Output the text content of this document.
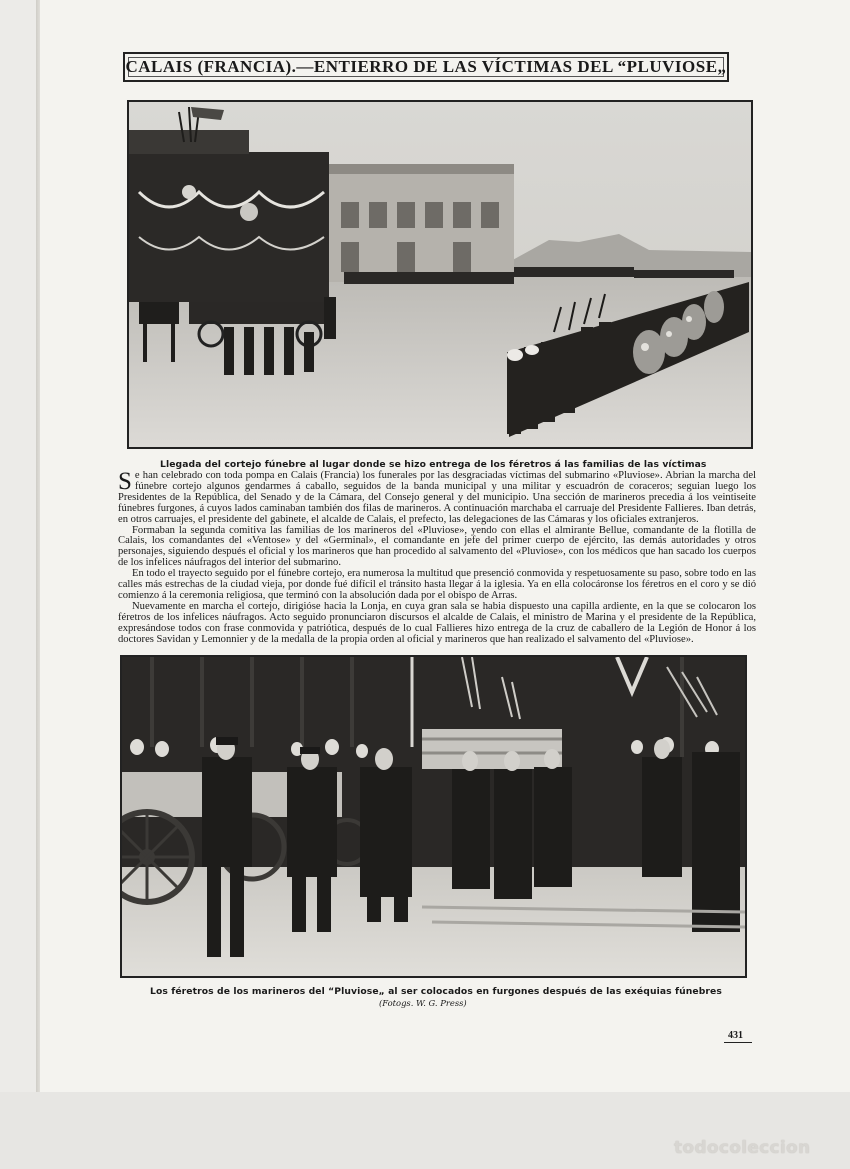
CALAIS (FRANCIA).—ENTIERRO DE LAS VÍCTIMAS DEL “PLUVIOSE„
Llegada del cortejo fúnebre al lugar donde se hizo entrega de los féretros á las familias de las víctimas

Se han celebrado con toda pompa en Calais (Francia) los funerales por las desgraciadas víctimas del submarino «Pluviose». Abrian la marcha del fúnebre cortejo algunos gendarmes á caballo, seguidos de la banda municipal y una militar y escuadrón de coraceros; seguian luego los Presidentes de la República, del Senado y de la Cámara, del Consejo general y del municipio. Una sección de marineros precedia á los veintiseite fúnebres furgones, á cuyos lados caminaban también dos filas de marineros. A continuación marchaba el carruaje del Presidente Fallieres. Iban detrás, en otros carruajes, el presidente del gabinete, el alcalde de Calais, el prefecto, las delegaciones de las Cámaras y los oficiales extranjeros.

Formaban la segunda comitiva las familias de los marineros del «Pluviose», yendo con ellas el almirante Bellue, comandante de la flotilla de Calais, los comandantes del «Ventose» y del «Germinal», el comandante en jefe del primer cuerpo de ejército, las demás autoridades y otros personajes, siguiendo después el oficial y los marineros que han procedido al salvamento del «Pluviose», con los médicos que han sacado los cuerpos de los infelices náufragos del interior del submarino.

En todo el trayecto seguido por el fúnebre cortejo, era numerosa la multitud que presenció conmovida y respetuosamente su paso, sobre todo en las calles más estrechas de la ciudad vieja, por donde fué difícil el tránsito hasta llegar á la iglesia. Ya en ella colocáronse los féretros en el coro y se dió comienzo á la ceremonia religiosa, que terminó con la absolución dada por el obispo de Arras.

Nuevamente en marcha el cortejo, dirigióse hacia la Lonja, en cuya gran sala se habia dispuesto una capilla ardiente, en la que se colocaron los féretros de los infelices náufragos. Acto seguido pronunciaron discursos el alcalde de Calais, el ministro de Marina y el presidente de la República, expresándose todos con frase conmovida y patriótica, después de lo cual Fallieres hizo entrega de la cruz de caballero de la Legión de Honor á los doctores Savidan y Lemonnier y de la medalla de la propia orden al oficial y marineros que han realizado el salvamento del «Pluviose».

Los féretros de los marineros del “Pluviose„ al ser colocados en furgones después de las exéquias fúnebres
(Fotogs. W. G. Press)
431
todocoleccion
